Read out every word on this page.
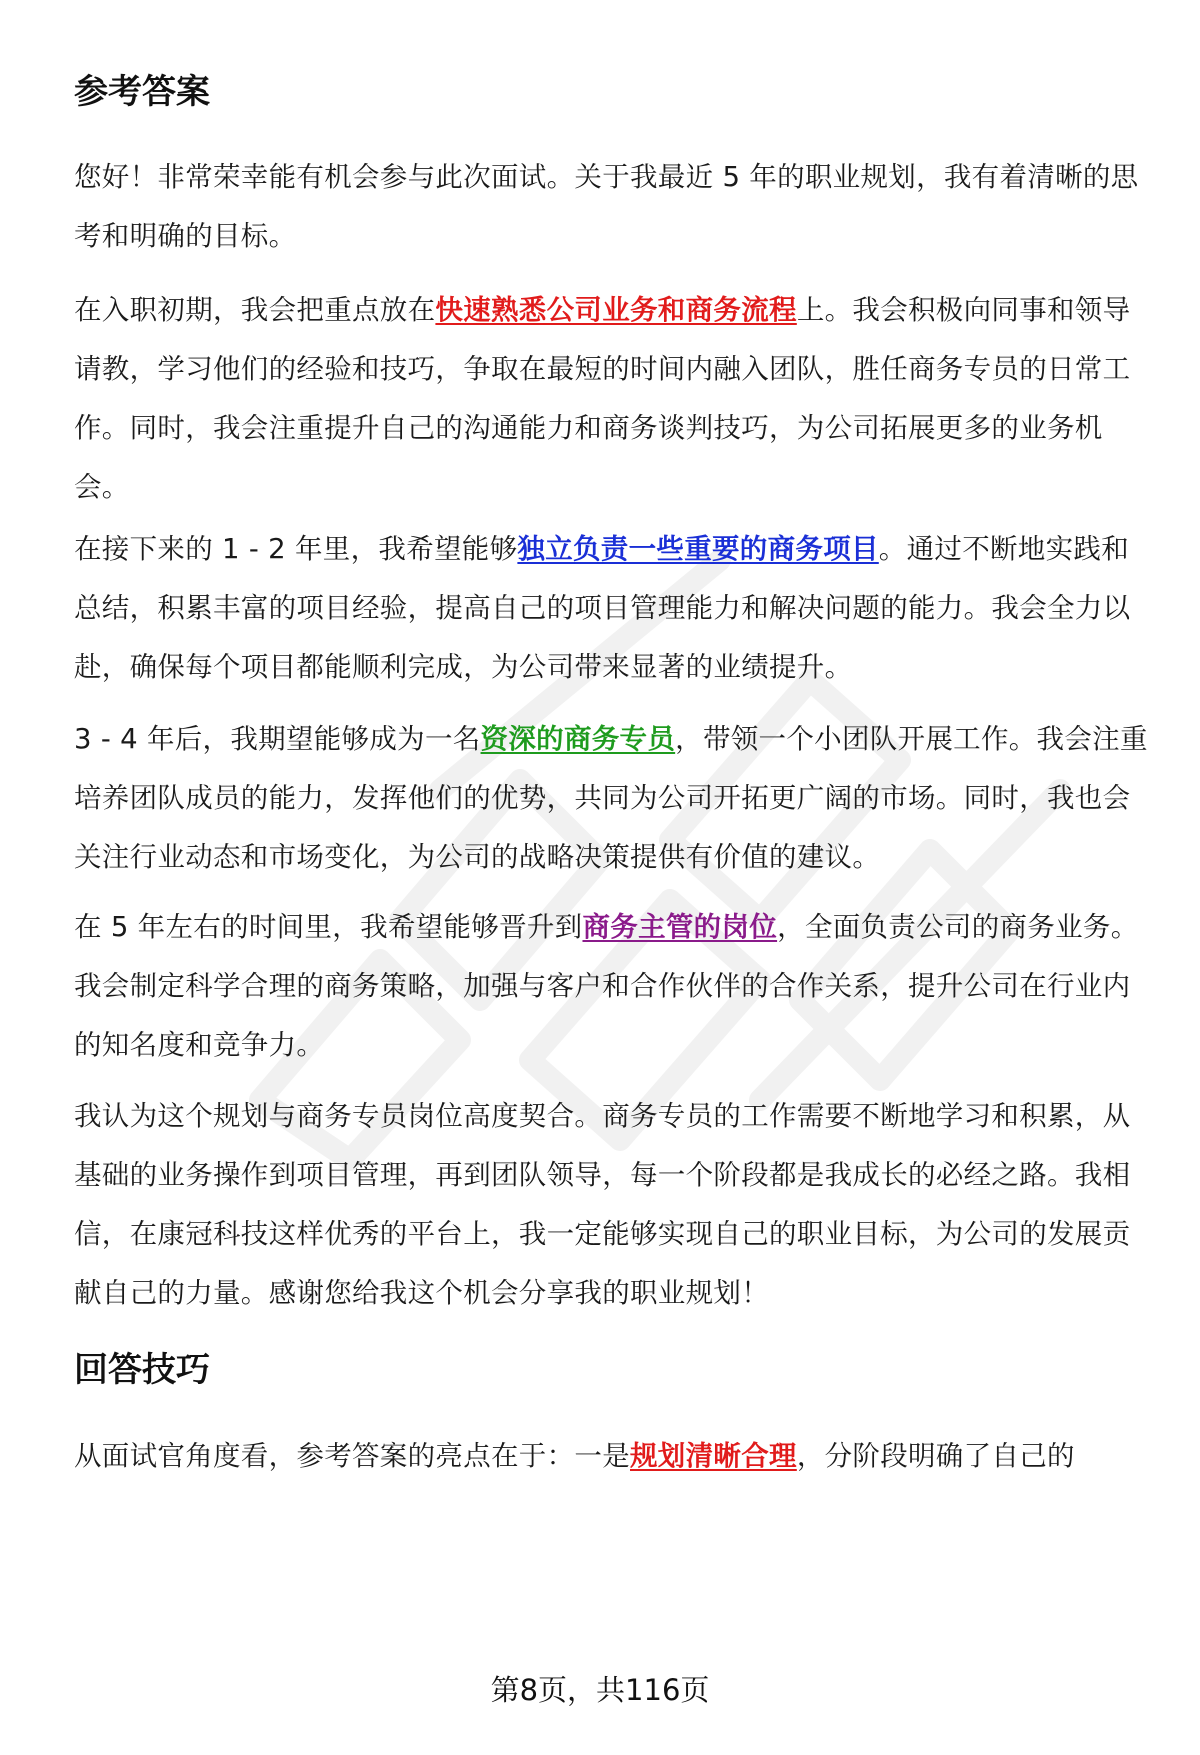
参考答案

您好！非常荣幸能有机会参与此次面试。关于我最近 5 年的职业规划，我有着清晰的思考和明确的目标。

在入职初期，我会把重点放在快速熟悉公司业务和商务流程上。我会积极向同事和领导请教，学习他们的经验和技巧，争取在最短的时间内融入团队，胜任商务专员的日常工作。同时，我会注重提升自己的沟通能力和商务谈判技巧，为公司拓展更多的业务机会。

在接下来的 1 - 2 年里，我希望能够独立负责一些重要的商务项目。通过不断地实践和总结，积累丰富的项目经验，提高自己的项目管理能力和解决问题的能力。我会全力以赴，确保每个项目都能顺利完成，为公司带来显著的业绩提升。

3 - 4 年后，我期望能够成为一名资深的商务专员，带领一个小团队开展工作。我会注重培养团队成员的能力，发挥他们的优势，共同为公司开拓更广阔的市场。同时，我也会关注行业动态和市场变化，为公司的战略决策提供有价值的建议。

在 5 年左右的时间里，我希望能够晋升到商务主管的岗位，全面负责公司的商务业务。我会制定科学合理的商务策略，加强与客户和合作伙伴的合作关系，提升公司在行业内的知名度和竞争力。

我认为这个规划与商务专员岗位高度契合。商务专员的工作需要不断地学习和积累，从基础的业务操作到项目管理，再到团队领导，每一个阶段都是我成长的必经之路。我相信，在康冠科技这样优秀的平台上，我一定能够实现自己的职业目标，为公司的发展贡献自己的力量。感谢您给我这个机会分享我的职业规划！

回答技巧

从面试官角度看，参考答案的亮点在于：一是规划清晰合理，分阶段明确了自己的

第8页，共116页
